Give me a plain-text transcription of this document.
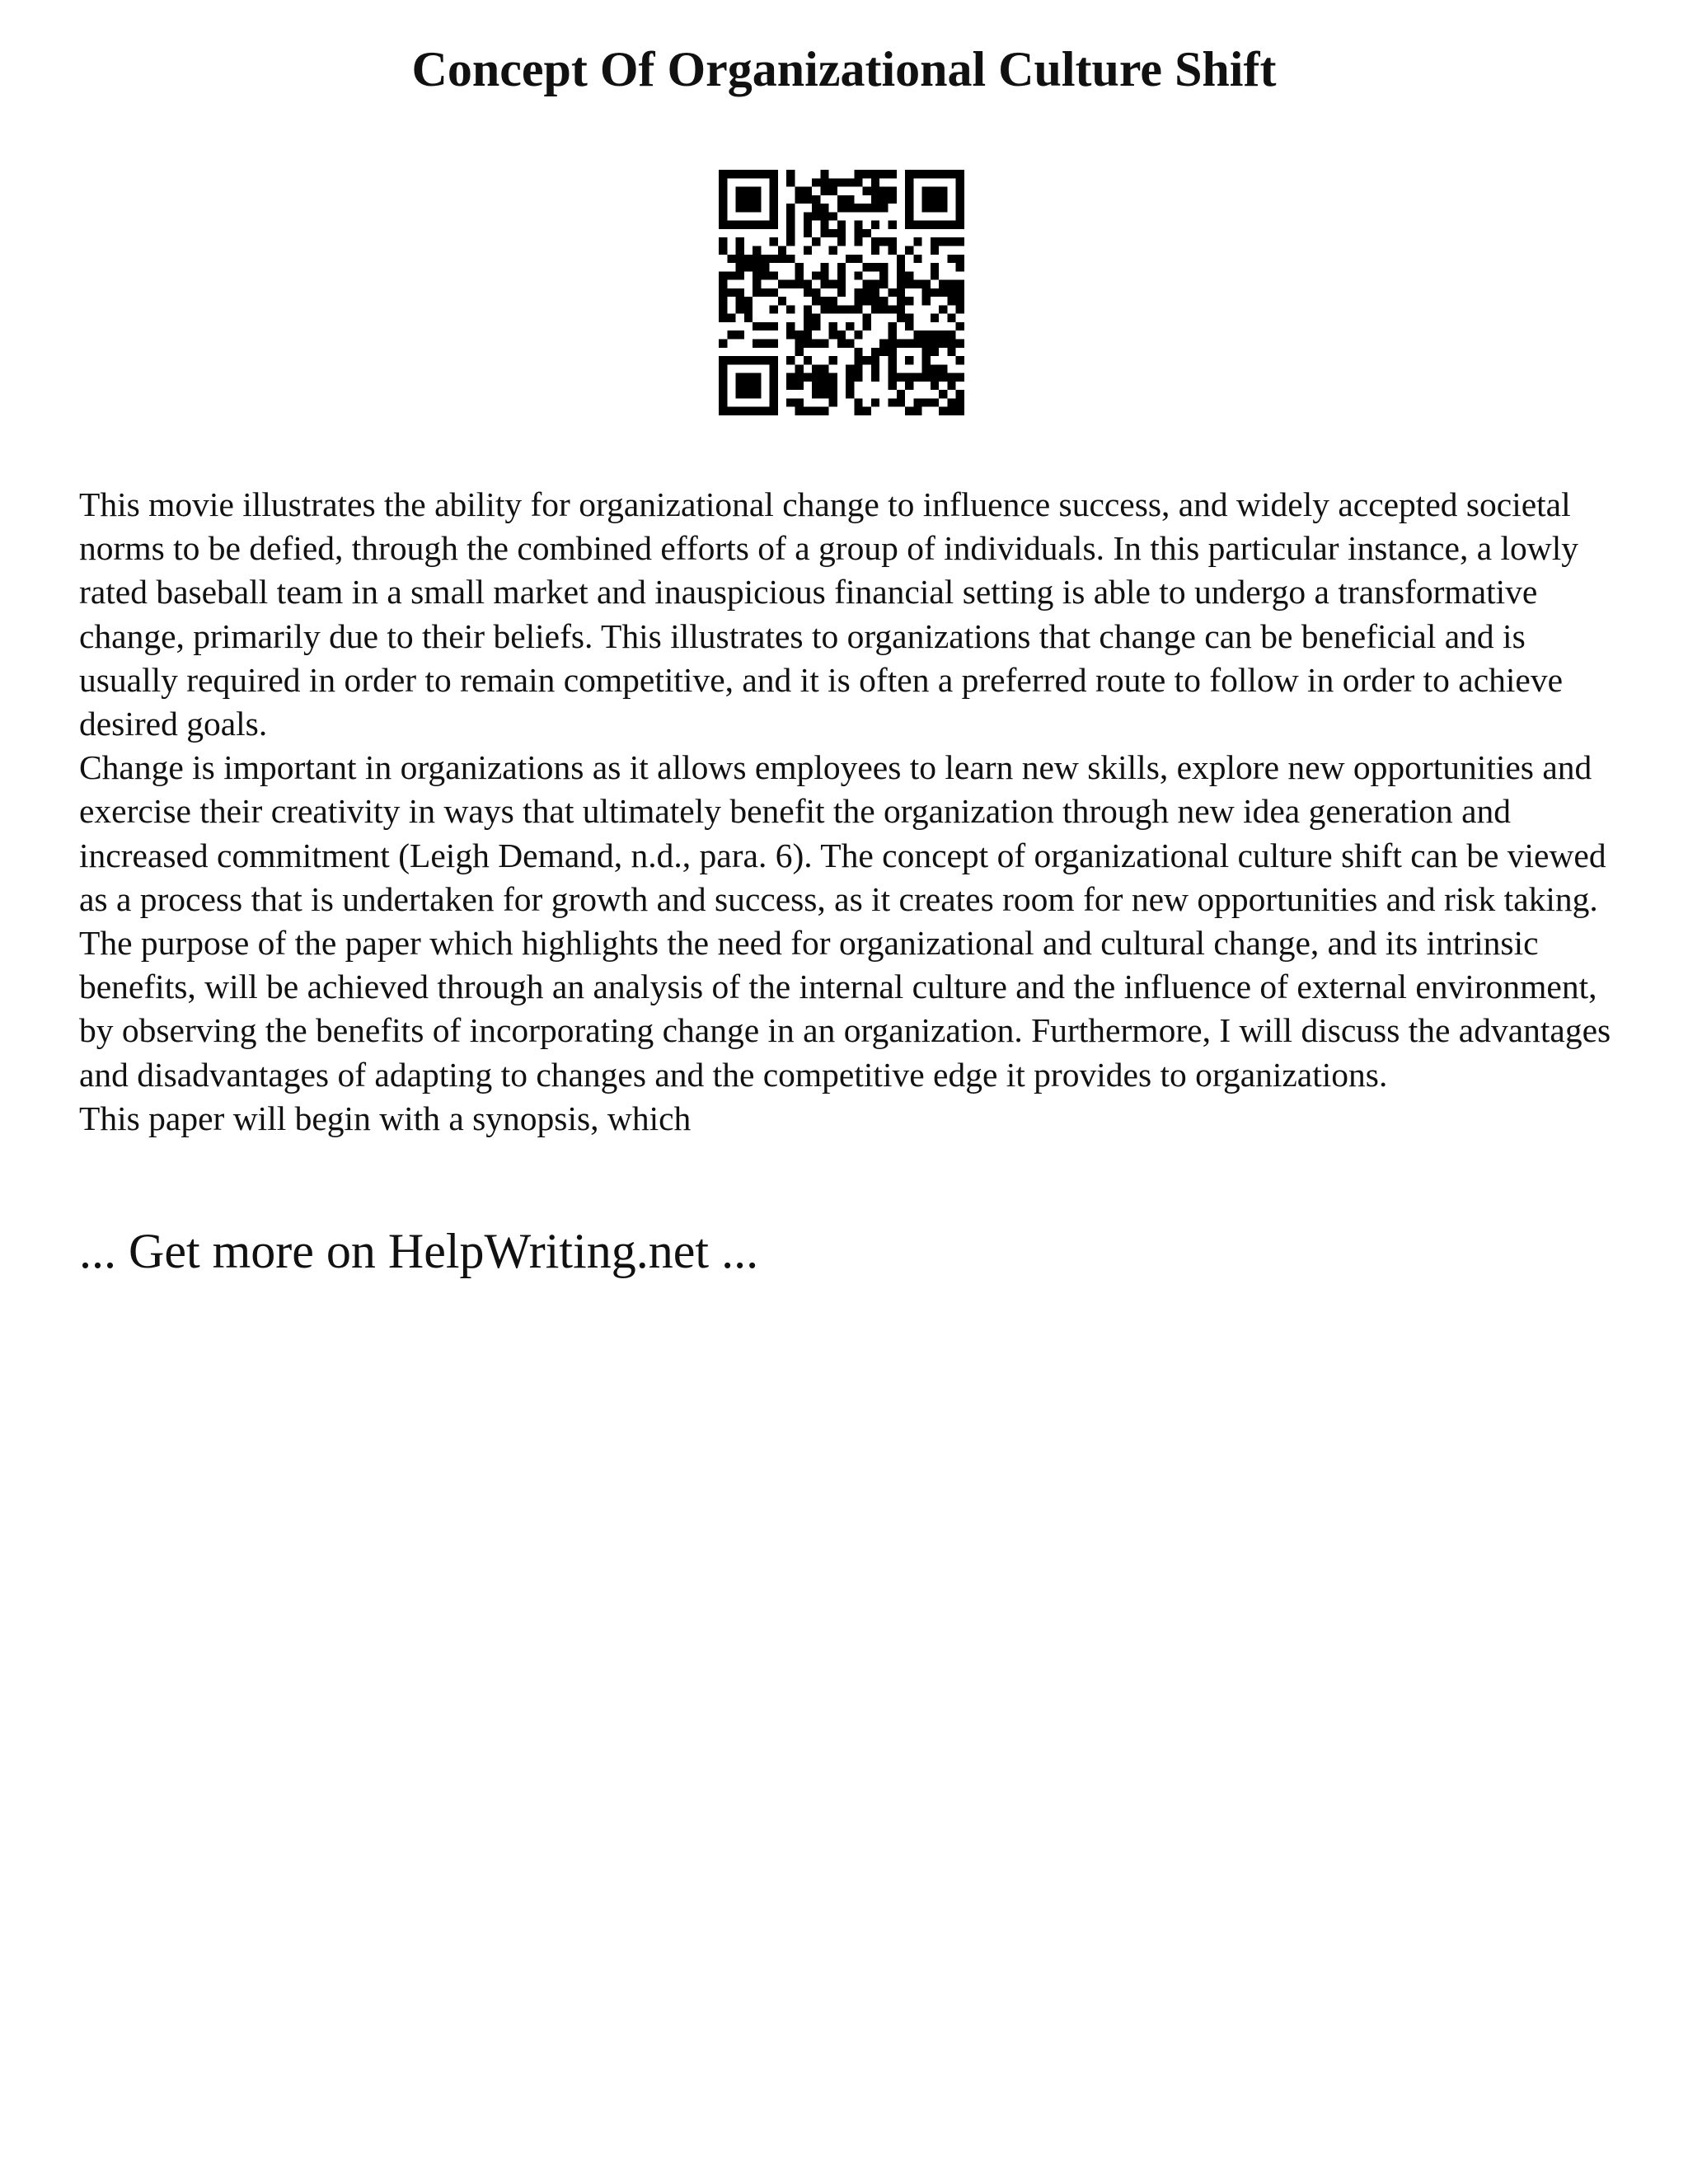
Concept Of Organizational Culture Shift

This movie illustrates the ability for organizational change to influence success, and widely accepted societal norms to be defied, through the combined efforts of a group of individuals. In this particular instance, a lowly rated baseball team in a small market and inauspicious financial setting is able to undergo a transformative change, primarily due to their beliefs. This illustrates to organizations that change can be beneficial and is usually required in order to remain competitive, and it is often a preferred route to follow in order to achieve desired goals.

Change is important in organizations as it allows employees to learn new skills, explore new opportunities and exercise their creativity in ways that ultimately benefit the organization through new idea generation and increased commitment (Leigh Demand, n.d., para. 6). The concept of organizational culture shift can be viewed as a process that is undertaken for growth and success, as it creates room for new opportunities and risk taking. The purpose of the paper which highlights the need for organizational and cultural change, and its intrinsic benefits, will be achieved through an analysis of the internal culture and the influence of external environment, by observing the benefits of incorporating change in an organization. Furthermore, I will discuss the advantages and disadvantages of adapting to changes and the competitive edge it provides to organizations.

This paper will begin with a synopsis, which

... Get more on HelpWriting.net ...
